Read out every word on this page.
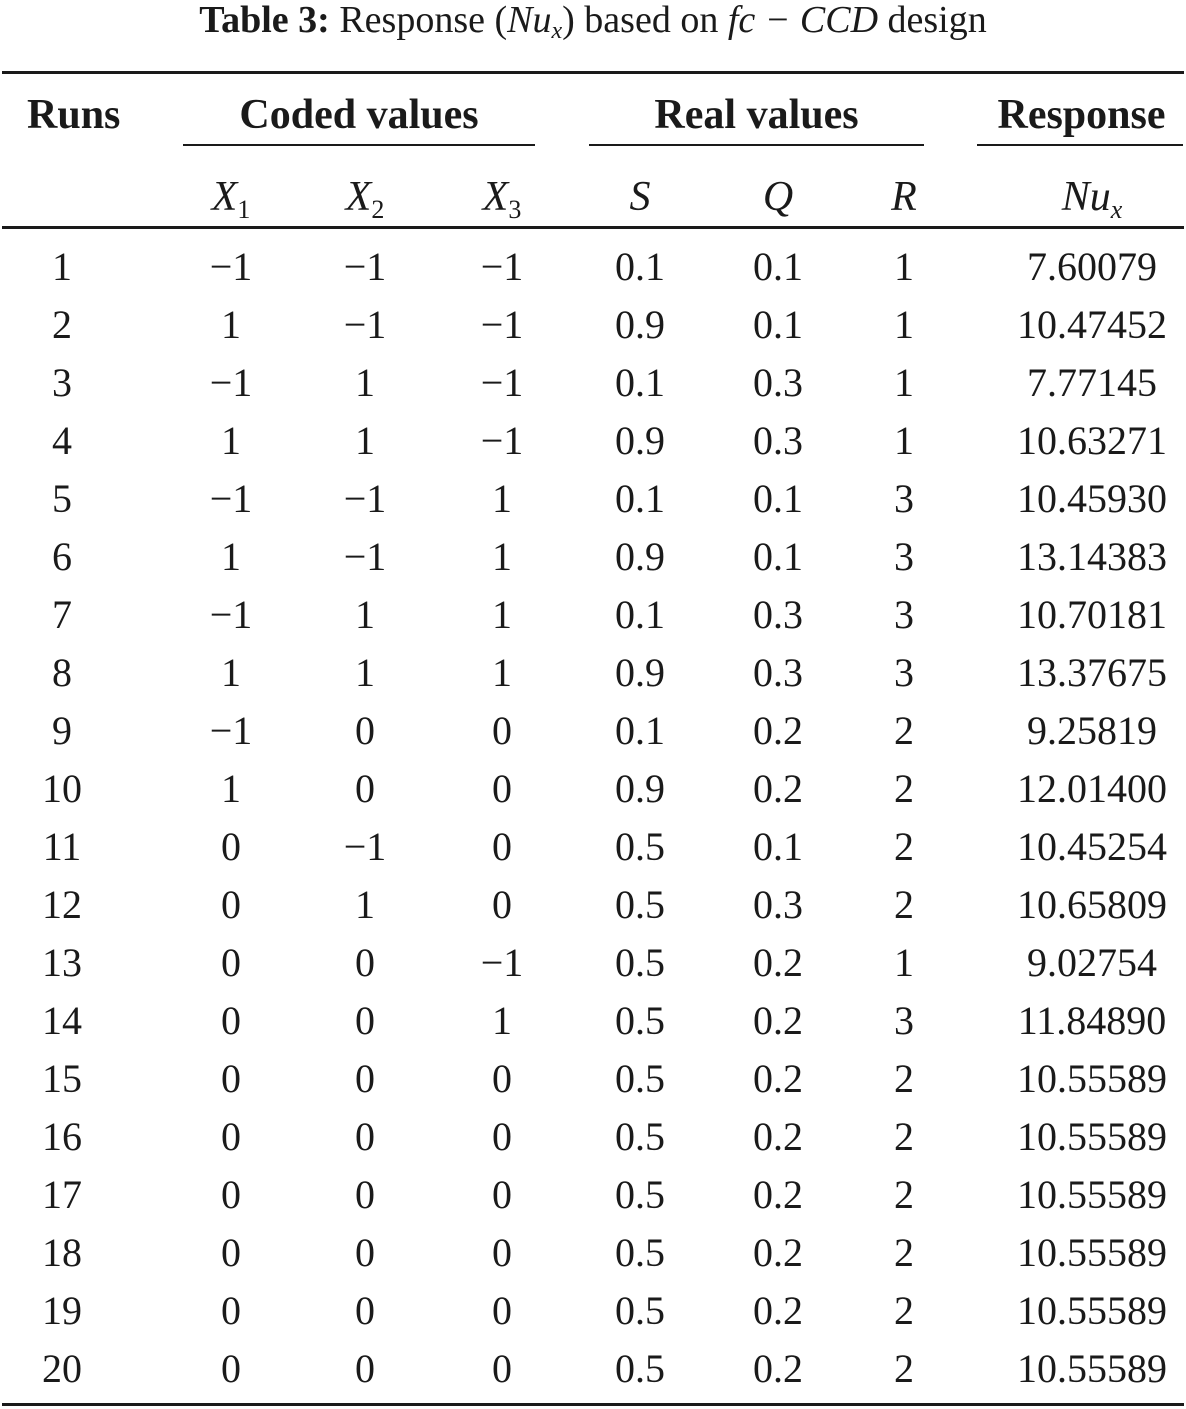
Table 3: Response $(Nu_x)$ based on fc − CCD design
Runs	Coded values	Real values	Response
$X_1$	$X_2$	$X_3$	S	Q	R	$Nu_x$
1	−1	−1	−1	0.1	0.1	1	7.60079
2	1	−1	−1	0.9	0.1	1	10.47452
3	−1	1	−1	0.1	0.3	1	7.77145
4	1	1	−1	0.9	0.3	1	10.63271
5	−1	−1	1	0.1	0.1	3	10.45930
6	1	−1	1	0.9	0.1	3	13.14383
7	−1	1	1	0.1	0.3	3	10.70181
8	1	1	1	0.9	0.3	3	13.37675
9	−1	0	0	0.1	0.2	2	9.25819
10	1	0	0	0.9	0.2	2	12.01400
11	0	−1	0	0.5	0.1	2	10.45254
12	0	1	0	0.5	0.3	2	10.65809
13	0	0	−1	0.5	0.2	1	9.02754
14	0	0	1	0.5	0.2	3	11.84890
15	0	0	0	0.5	0.2	2	10.55589
16	0	0	0	0.5	0.2	2	10.55589
17	0	0	0	0.5	0.2	2	10.55589
18	0	0	0	0.5	0.2	2	10.55589
19	0	0	0	0.5	0.2	2	10.55589
20	0	0	0	0.5	0.2	2	10.55589
